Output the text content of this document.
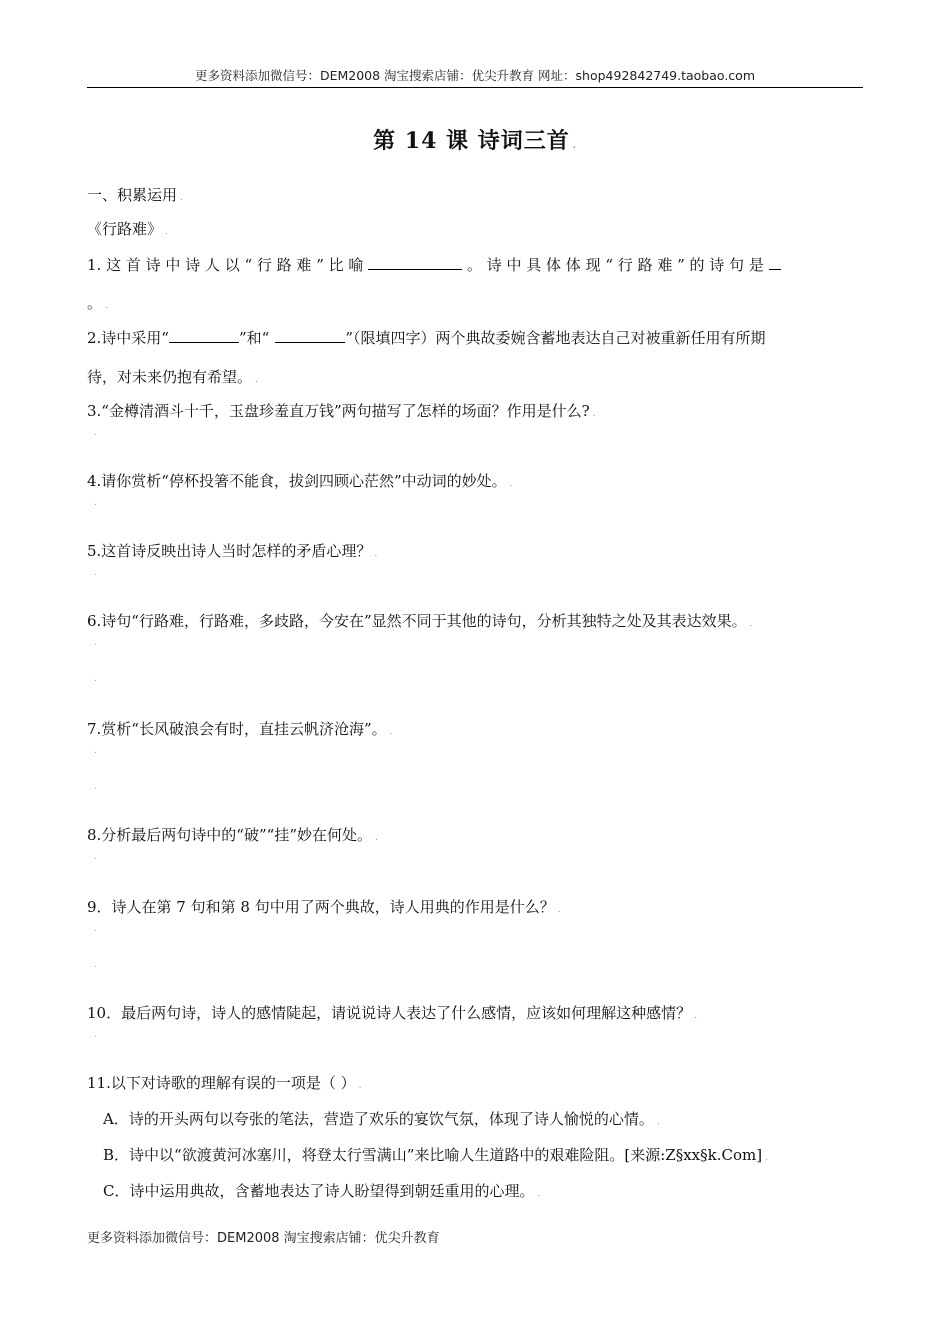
更多资料添加微信号：DEM2008 淘宝搜索店铺：优尖升教育 网址：shop492842749.taobao.com
第 14 课 诗词三首 .
一、积累运用 .
《行路难》 .
1. 这 首 诗 中 诗 人 以 “ 行 路 难 ” 比 喻	。 诗 中 具 体 体 现 “ 行 路 难 ” 的 诗 句 是
。 .
2.诗中采用“	”和“	”（限填四字）两个典故委婉含蓄地表达自己对被重新任用有所期
待，对未来仍抱有希望。 .
3.“金樽清酒斗十千，玉盘珍羞直万钱”两句描写了怎样的场面？作用是什么? .
.
4.请你赏析“停杯投箸不能食，拔剑四顾心茫然”中动词的妙处。 .
.
5.这首诗反映出诗人当时怎样的矛盾心理？ .
.
6.诗句“行路难，行路难，多歧路，今安在”显然不同于其他的诗句，分析其独特之处及其表达效果。 .
.
.
7.赏析“长风破浪会有时，直挂云帆济沧海”。 .
.
.
8.分析最后两句诗中的“破”“挂”妙在何处。 .
.
9．诗人在第 7 句和第 8 句中用了两个典故，诗人用典的作用是什么？ .
.
.
10．最后两句诗，诗人的感情陡起，请说说诗人表达了什么感情，应该如何理解这种感情？ .
.
11.以下对诗歌的理解有误的一项是（ ） .
A．诗的开头两句以夸张的笔法，营造了欢乐的宴饮气氛，体现了诗人愉悦的心情。 .
B．诗中以“欲渡黄河冰塞川，将登太行雪满山”来比喻人生道路中的艰难险阻。[来源:Z§xx§k.Com] .
C．诗中运用典故，含蓄地表达了诗人盼望得到朝廷重用的心理。 .
更多资料添加微信号：DEM2008 淘宝搜索店铺：优尖升教育
